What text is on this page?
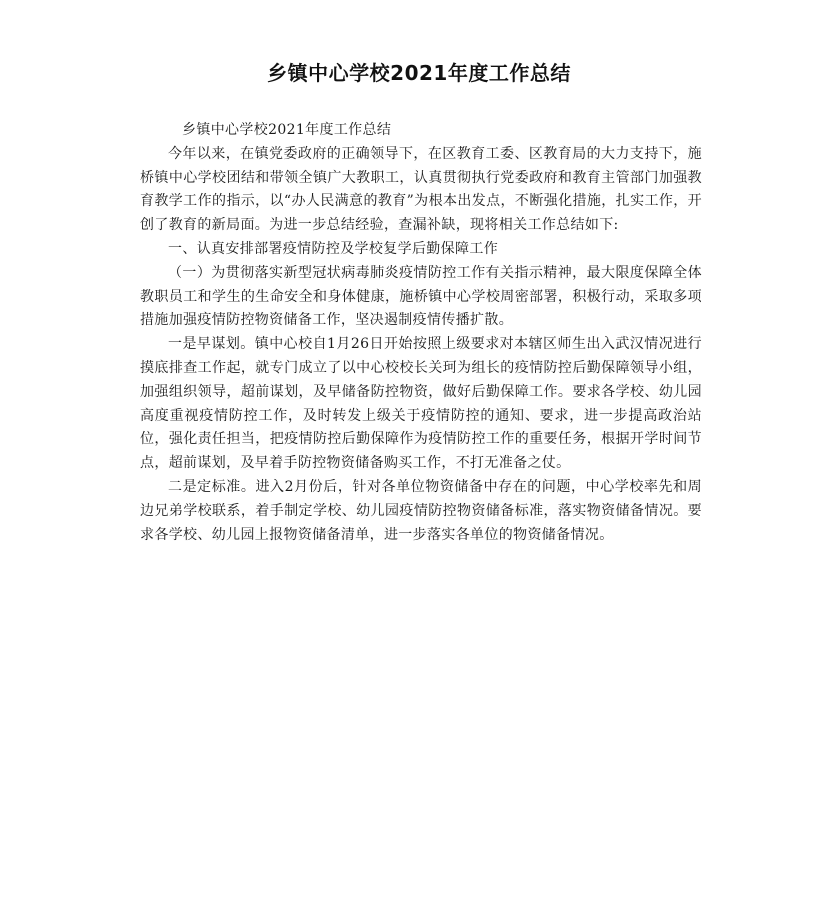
乡镇中心学校2021年度工作总结

乡镇中心学校2021年度工作总结

今年以来，在镇党委政府的正确领导下，在区教育工委、区教育局的大力支持下，施桥镇中心学校团结和带领全镇广大教职工，认真贯彻执行党委政府和教育主管部门加强教育教学工作的指示，以“办人民满意的教育”为根本出发点，不断强化措施，扎实工作，开创了教育的新局面。为进一步总结经验，查漏补缺，现将相关工作总结如下:

一、认真安排部署疫情防控及学校复学后勤保障工作

（一）为贯彻落实新型冠状病毒肺炎疫情防控工作有关指示精神，最大限度保障全体教职员工和学生的生命安全和身体健康，施桥镇中心学校周密部署，积极行动，采取多项措施加强疫情防控物资储备工作，坚决遏制疫情传播扩散。

一是早谋划。镇中心校自1月26日开始按照上级要求对本辖区师生出入武汉情况进行摸底排查工作起，就专门成立了以中心校校长关珂为组长的疫情防控后勤保障领导小组，加强组织领导，超前谋划，及早储备防控物资，做好后勤保障工作。要求各学校、幼儿园高度重视疫情防控工作，及时转发上级关于疫情防控的通知、要求，进一步提高政治站位，强化责任担当，把疫情防控后勤保障作为疫情防控工作的重要任务，根据开学时间节点，超前谋划，及早着手防控物资储备购买工作，不打无准备之仗。

二是定标准。进入2月份后，针对各单位物资储备中存在的问题，中心学校率先和周边兄弟学校联系，着手制定学校、幼儿园疫情防控物资储备标准，落实物资储备情况。要求各学校、幼儿园上报物资储备清单，进一步落实各单位的物资储备情况。
